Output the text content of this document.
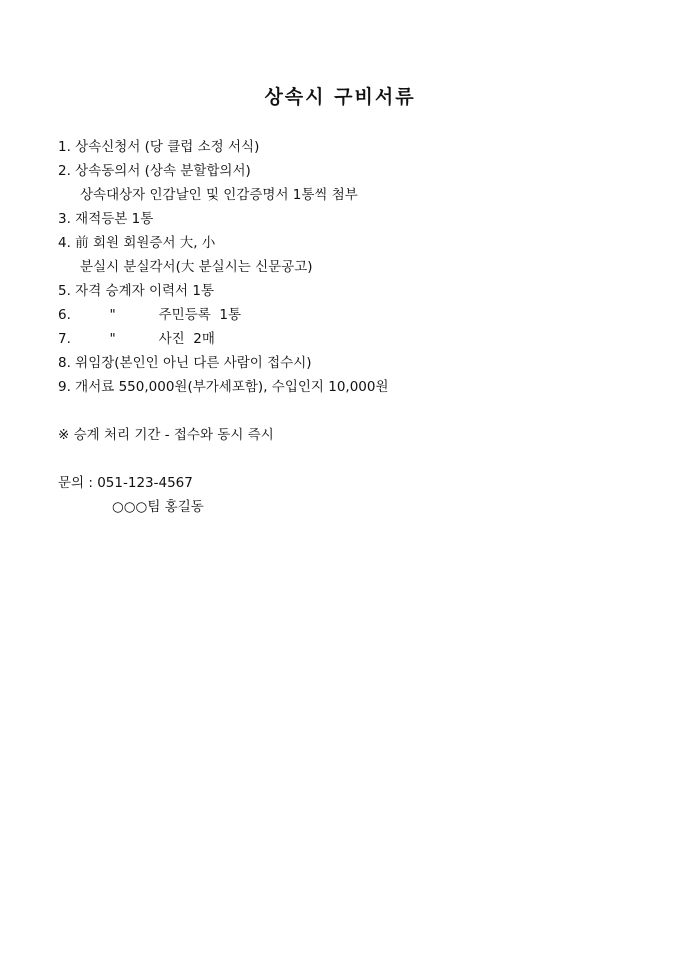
상속시 구비서류
1. 상속신청서 (당 클럽 소정 서식)
2. 상속동의서 (상속 분할합의서)
상속대상자 인감날인 및 인감증명서 1통씩 첨부
3. 재적등본 1통
4. 前 회원 회원증서 大, 小
분실시 분실각서(大 분실시는 신문공고)
5. 자격 승계자 이력서 1통
6.         "          주민등록  1통
7.         "          사진  2매
8. 위임장(본인인 아닌 다른 사람이 접수시)
9. 개서료 550,000원(부가세포함), 수입인지 10,000원
※ 승계 처리 기간 - 접수와 동시 즉시
문의 : 051-123-4567
○○○팀 홍길동
